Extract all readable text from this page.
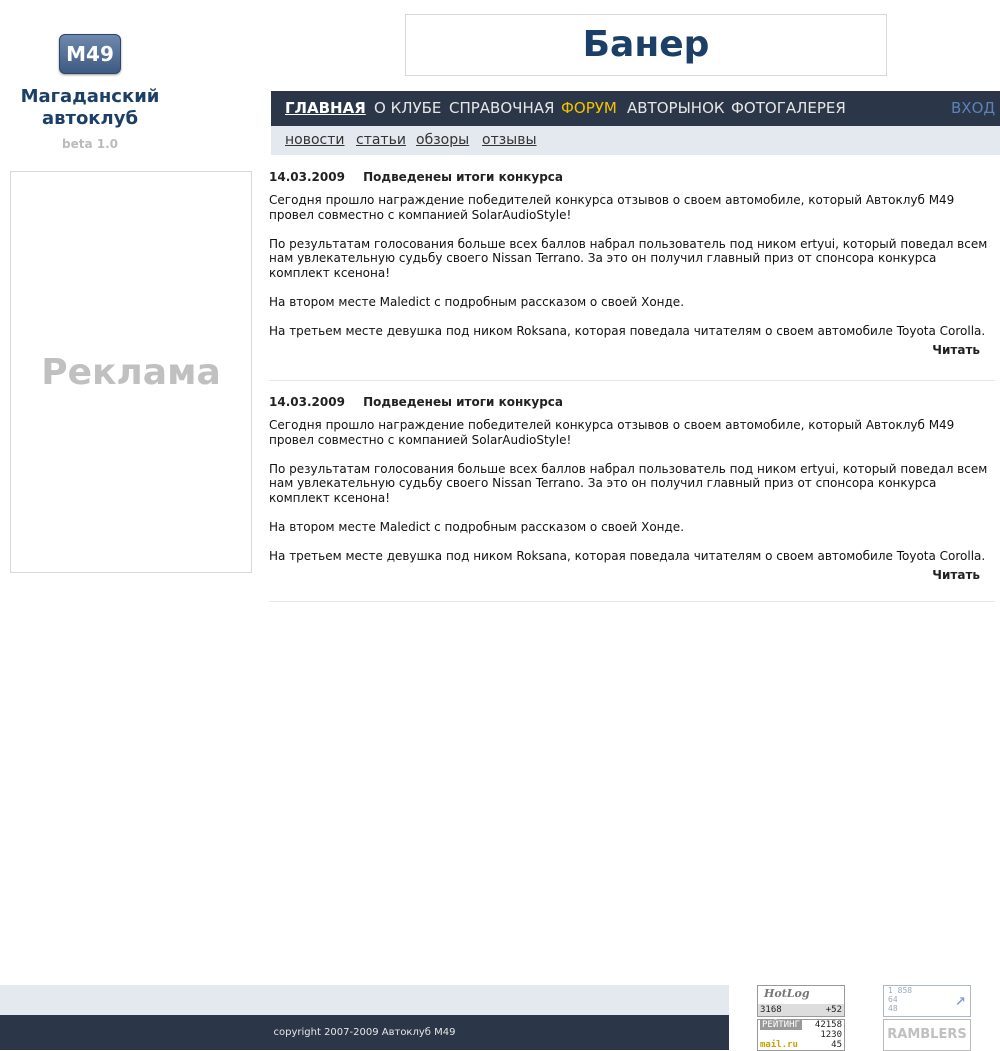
M49
Магаданский
автоклуб
beta 1.0
Банер
Реклама
ГЛАВНАЯ О КЛУБЕ СПРАВОЧНАЯ ФОРУМ АВТОРЫНОК ФОТОГАЛЕРЕЯ	ВХОД
новости статьи обзоры отзывы
14.03.2009 Подведенеы итоги конкурса

Сегодня прошло награждение победителей конкурса отзывов о своем автомобиле, который Автоклуб М49 провел совместно с компанией SolarAudioStyle!

По результатам голосования больше всех баллов набрал пользователь под ником ertyui, который поведал всем нам увлекательную судьбу своего Nissan Terrano. За это он получил главный приз от спонсора конкурса комплект ксенона!

На втором месте Maledict с подробным рассказом о своей Хонде.

На третьем месте девушка под ником Roksana, которая поведала читателям о своем автомобиле Toyota Corolla.

Читать
14.03.2009 Подведенеы итоги конкурса

Сегодня прошло награждение победителей конкурса отзывов о своем автомобиле, который Автоклуб М49 провел совместно с компанией SolarAudioStyle!

По результатам голосования больше всех баллов набрал пользователь под ником ertyui, который поведал всем нам увлекательную судьбу своего Nissan Terrano. За это он получил главный приз от спонсора конкурса комплект ксенона!

На втором месте Maledict с подробным рассказом о своей Хонде.

На третьем месте девушка под ником Roksana, которая поведала читателям о своем автомобиле Toyota Corolla.

Читать
copyright 2007-2009 Автоклуб М49
HotLog
3168	+52
РЕЙТИНГ 42158
1230
mail.ru	45
1 858
64
48	↗
RAMBLERS
